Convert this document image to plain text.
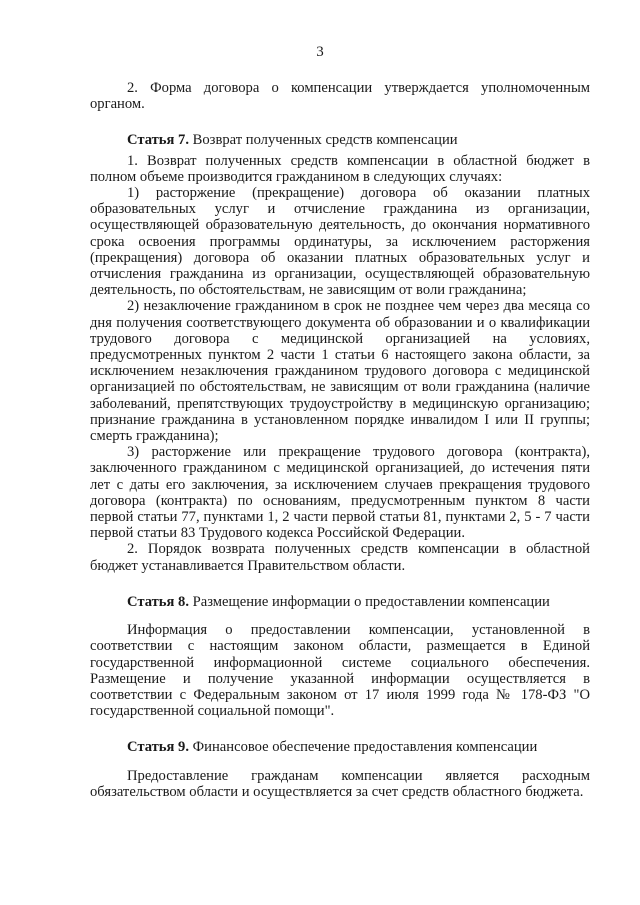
3

2. Форма договора о компенсации утверждается уполномоченным органом.

Статья 7. Возврат полученных средств компенсации

1. Возврат полученных средств компенсации в областной бюджет в полном объеме производится гражданином в следующих случаях:

1) расторжение (прекращение) договора об оказании платных образовательных услуг и отчисление гражданина из организации, осуществляющей образовательную деятельность, до окончания нормативного срока освоения программы ординатуры, за исключением расторжения (прекращения) договора об оказании платных образовательных услуг и отчисления гражданина из организации, осуществляющей образовательную деятельность, по обстоятельствам, не зависящим от воли гражданина;

2) незаключение гражданином в срок не позднее чем через два месяца со дня получения соответствующего документа об образовании и о квалификации трудового договора с медицинской организацией на условиях, предусмотренных пунктом 2 части 1 статьи 6 настоящего закона области, за исключением незаключения гражданином трудового договора с медицинской организацией по обстоятельствам, не зависящим от воли гражданина (наличие заболеваний, препятствующих трудоустройству в медицинскую организацию; признание гражданина в установленном порядке инвалидом I или II группы; смерть гражданина);

3) расторжение или прекращение трудового договора (контракта), заключенного гражданином с медицинской организацией, до истечения пяти лет с даты его заключения, за исключением случаев прекращения трудового договора (контракта) по основаниям, предусмотренным пунктом 8 части первой статьи 77, пунктами 1, 2 части первой статьи 81, пунктами 2, 5 - 7 части первой статьи 83 Трудового кодекса Российской Федерации.

2. Порядок возврата полученных средств компенсации в областной бюджет устанавливается Правительством области.

Статья 8. Размещение информации о предоставлении компенсации

Информация о предоставлении компенсации, установленной в соответствии с настоящим законом области, размещается в Единой государственной информационной системе социального обеспечения. Размещение и получение указанной информации осуществляется в соответствии с Федеральным законом от 17 июля 1999 года № 178-ФЗ "О государственной социальной помощи".

Статья 9. Финансовое обеспечение предоставления компенсации

Предоставление гражданам компенсации является расходным обязательством области и осуществляется за счет средств областного бюджета.
